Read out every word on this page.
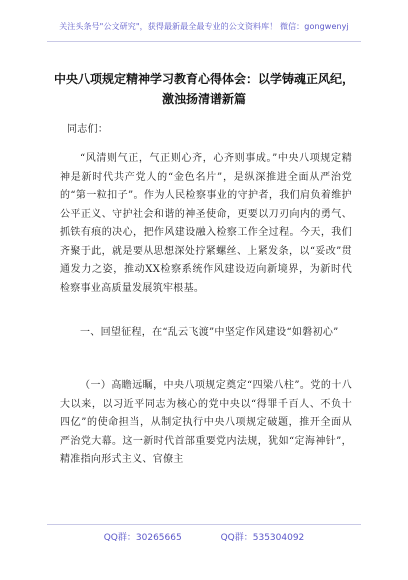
关注头条号"公文研究"，获得最新最全最专业的公文资料库！ 微信：gongwenyj
中央八项规定精神学习教育心得体会：以学铸魂正风纪，
激浊扬清谱新篇
同志们：
“风清则气正，气正则心齐，心齐则事成。”中央八项规定精神是新时代共产党人的“金色名片”，是纵深推进全面从严治党的“第一粒扣子”。作为人民检察事业的守护者，我们肩负着维护公平正义、守护社会和谐的神圣使命，更要以刀刃向内的勇气、抓铁有痕的决心，把作风建设融入检察工作全过程。今天，我们齐聚于此，就是要从思想深处拧紧螺丝、上紧发条，以“妥改”贯通发力之姿，推动XX检察系统作风建设迈向新境界，为新时代检察事业高质量发展筑牢根基。
一、回望征程，在“乱云飞渡”中坚定作风建设“如磐初心”
（一）高瞻远瞩，中央八项规定奠定“四梁八柱”。党的十八大以来，以习近平同志为核心的党中央以“得罪千百人、不负十四亿”的使命担当，从制定执行中央八项规定破题，推开全面从严治党大幕。这一新时代首部重要党内法规，犹如“定海神针”，精准指向形式主义、官僚主
QQ群：30265665	QQ群：535304092
